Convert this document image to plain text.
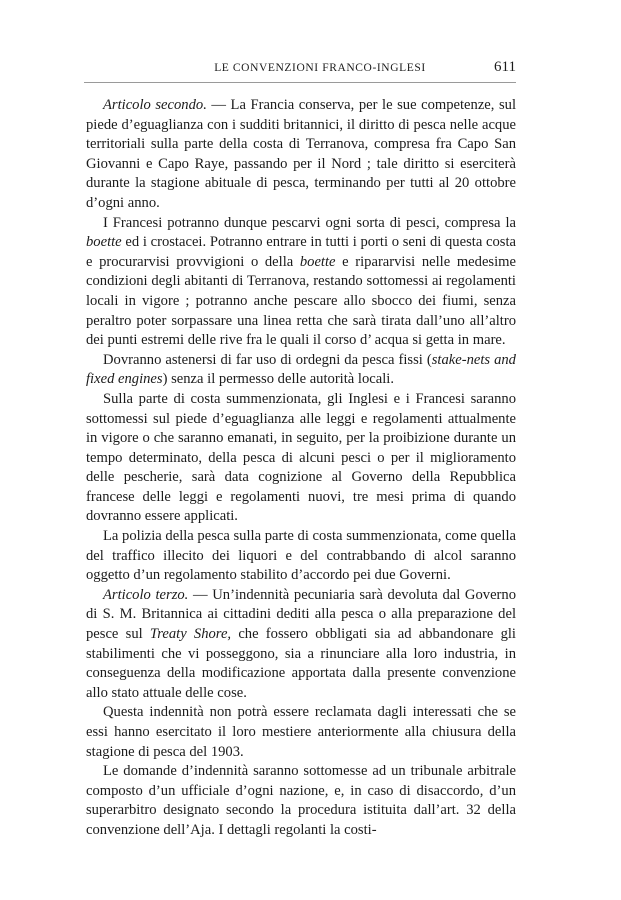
LE CONVENZIONI FRANCO-INGLESI	611

Articolo secondo. — La Francia conserva, per le sue competenze, sul piede d’eguaglianza con i sudditi britannici, il diritto di pesca nelle acque territoriali sulla parte della costa di Terranova, compresa fra Capo San Giovanni e Capo Raye, passando per il Nord ; tale diritto si eserciterà durante la stagione abituale di pesca, terminando per tutti al 20 ottobre d’ogni anno.

I Francesi potranno dunque pescarvi ogni sorta di pesci, compresa la boette ed i crostacei. Potranno entrare in tutti i porti o seni di questa costa e procurarvisi provvigioni o della boette e ripararvisi nelle medesime condizioni degli abitanti di Terranova, restando sottomessi ai regolamenti locali in vigore ; potranno anche pescare allo sbocco dei fiumi, senza peraltro poter sorpassare una linea retta che sarà tirata dall’uno all’altro dei punti estremi delle rive fra le quali il corso d’ acqua si getta in mare.

Dovranno astenersi di far uso di ordegni da pesca fissi (stake-nets and fixed engines) senza il permesso delle autorità locali.

Sulla parte di costa summenzionata, gli Inglesi e i Francesi saranno sottomessi sul piede d’eguaglianza alle leggi e regolamenti attualmente in vigore o che saranno emanati, in seguito, per la proibizione durante un tempo determinato, della pesca di alcuni pesci o per il miglioramento delle pescherie, sarà data cognizione al Governo della Repubblica francese delle leggi e regolamenti nuovi, tre mesi prima di quando dovranno essere applicati.

La polizia della pesca sulla parte di costa summenzionata, come quella del traffico illecito dei liquori e del contrabbando di alcol saranno oggetto d’un regolamento stabilito d’accordo pei due Governi.

Articolo terzo. — Un’indennità pecuniaria sarà devoluta dal Governo di S. M. Britannica ai cittadini dediti alla pesca o alla preparazione del pesce sul Treaty Shore, che fossero obbligati sia ad abbandonare gli stabilimenti che vi posseggono, sia a rinunciare alla loro industria, in conseguenza della modificazione apportata dalla presente convenzione allo stato attuale delle cose.

Questa indennità non potrà essere reclamata dagli interessati che se essi hanno esercitato il loro mestiere anteriormente alla chiusura della stagione di pesca del 1903.

Le domande d’indennità saranno sottomesse ad un tribunale arbitrale composto d’un ufficiale d’ogni nazione, e, in caso di disaccordo, d’un superarbitro designato secondo la procedura istituita dall’art. 32 della convenzione dell’Aja. I dettagli regolanti la costi-
